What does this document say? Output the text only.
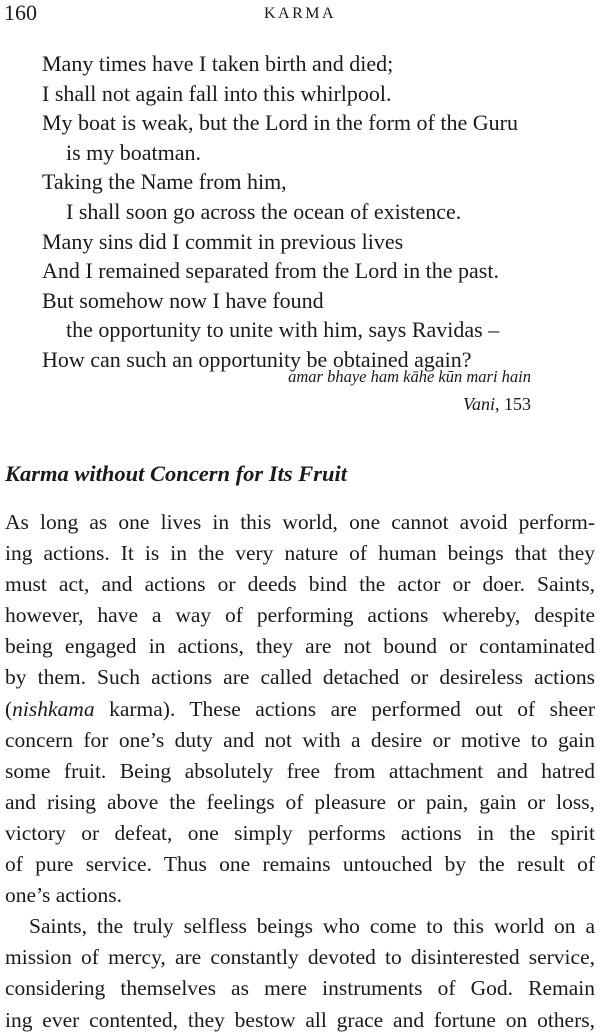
160	KARMA
Many times have I taken birth and died;
I shall not again fall into this whirlpool.
My boat is weak, but the Lord in the form of the Guru
is my boatman.
Taking the Name from him,
I shall soon go across the ocean of existence.
Many sins did I commit in previous lives
And I remained separated from the Lord in the past.
But somehow now I have found
the opportunity to unite with him, says Ravidas –
How can such an opportunity be obtained again?
amar bhaye ham kāhe kūn mari hain
Vani, 153
Karma without Concern for Its Fruit
As long as one lives in this world, one cannot avoid perform-
ing actions. It is in the very nature of human beings that they
must act, and actions or deeds bind the actor or doer. Saints,
however, have a way of performing actions whereby, despite
being engaged in actions, they are not bound or contaminated
by them. Such actions are called detached or desireless actions
(nishkama karma). These actions are performed out of sheer
concern for one’s duty and not with a desire or motive to gain
some fruit. Being absolutely free from attachment and hatred
and rising above the feelings of pleasure or pain, gain or loss,
victory or defeat, one simply performs actions in the spirit
of pure service. Thus one remains untouched by the result of
one’s actions.
Saints, the truly selfless beings who come to this world on a
mission of mercy, are constantly devoted to disinterested service,
considering themselves as mere instruments of God. Remain
ing ever contented, they bestow all grace and fortune on others,
